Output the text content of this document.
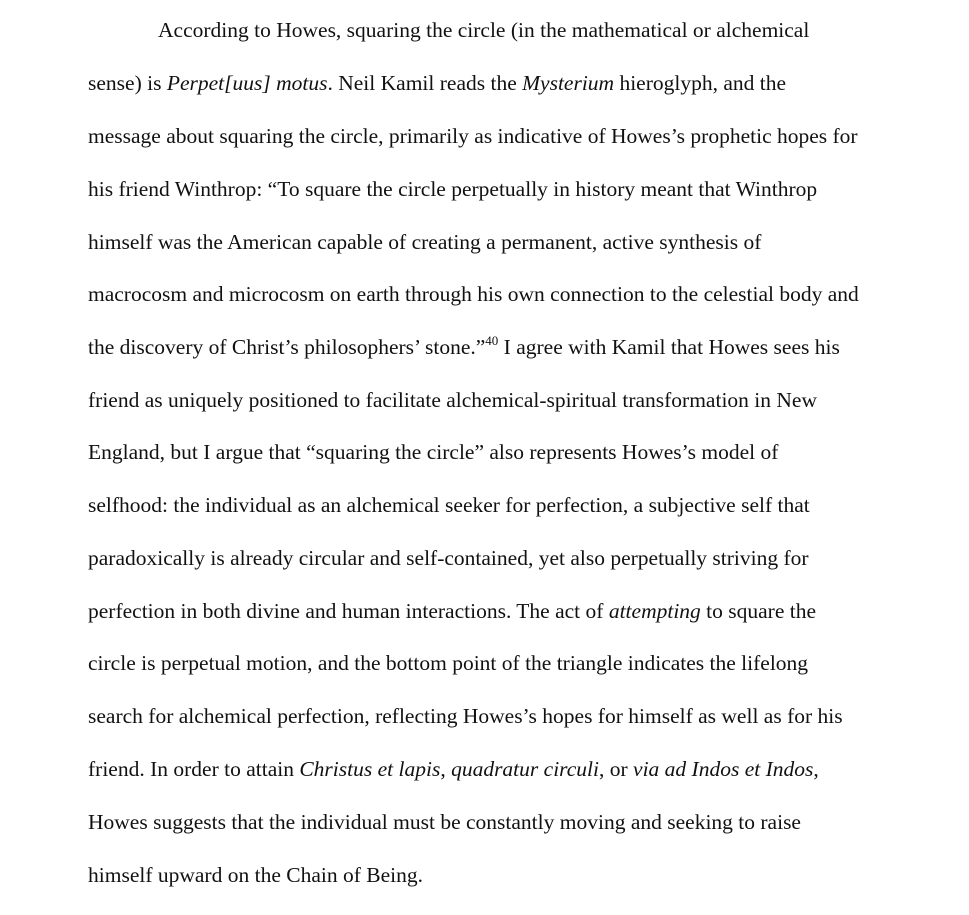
According to Howes, squaring the circle (in the mathematical or alchemical
sense) is Perpet[uus] motus. Neil Kamil reads the Mysterium hieroglyph, and the
message about squaring the circle, primarily as indicative of Howes’s prophetic hopes for
his friend Winthrop: “To square the circle perpetually in history meant that Winthrop
himself was the American capable of creating a permanent, active synthesis of
macrocosm and microcosm on earth through his own connection to the celestial body and
the discovery of Christ’s philosophers’ stone.”$^{40}$ I agree with Kamil that Howes sees his
friend as uniquely positioned to facilitate alchemical-spiritual transformation in New
England, but I argue that “squaring the circle” also represents Howes’s model of
selfhood: the individual as an alchemical seeker for perfection, a subjective self that
paradoxically is already circular and self-contained, yet also perpetually striving for
perfection in both divine and human interactions. The act of attempting to square the
circle is perpetual motion, and the bottom point of the triangle indicates the lifelong
search for alchemical perfection, reflecting Howes’s hopes for himself as well as for his
friend. In order to attain Christus et lapis, quadratur circuli, or via ad Indos et Indos,
Howes suggests that the individual must be constantly moving and seeking to raise
himself upward on the Chain of Being.
